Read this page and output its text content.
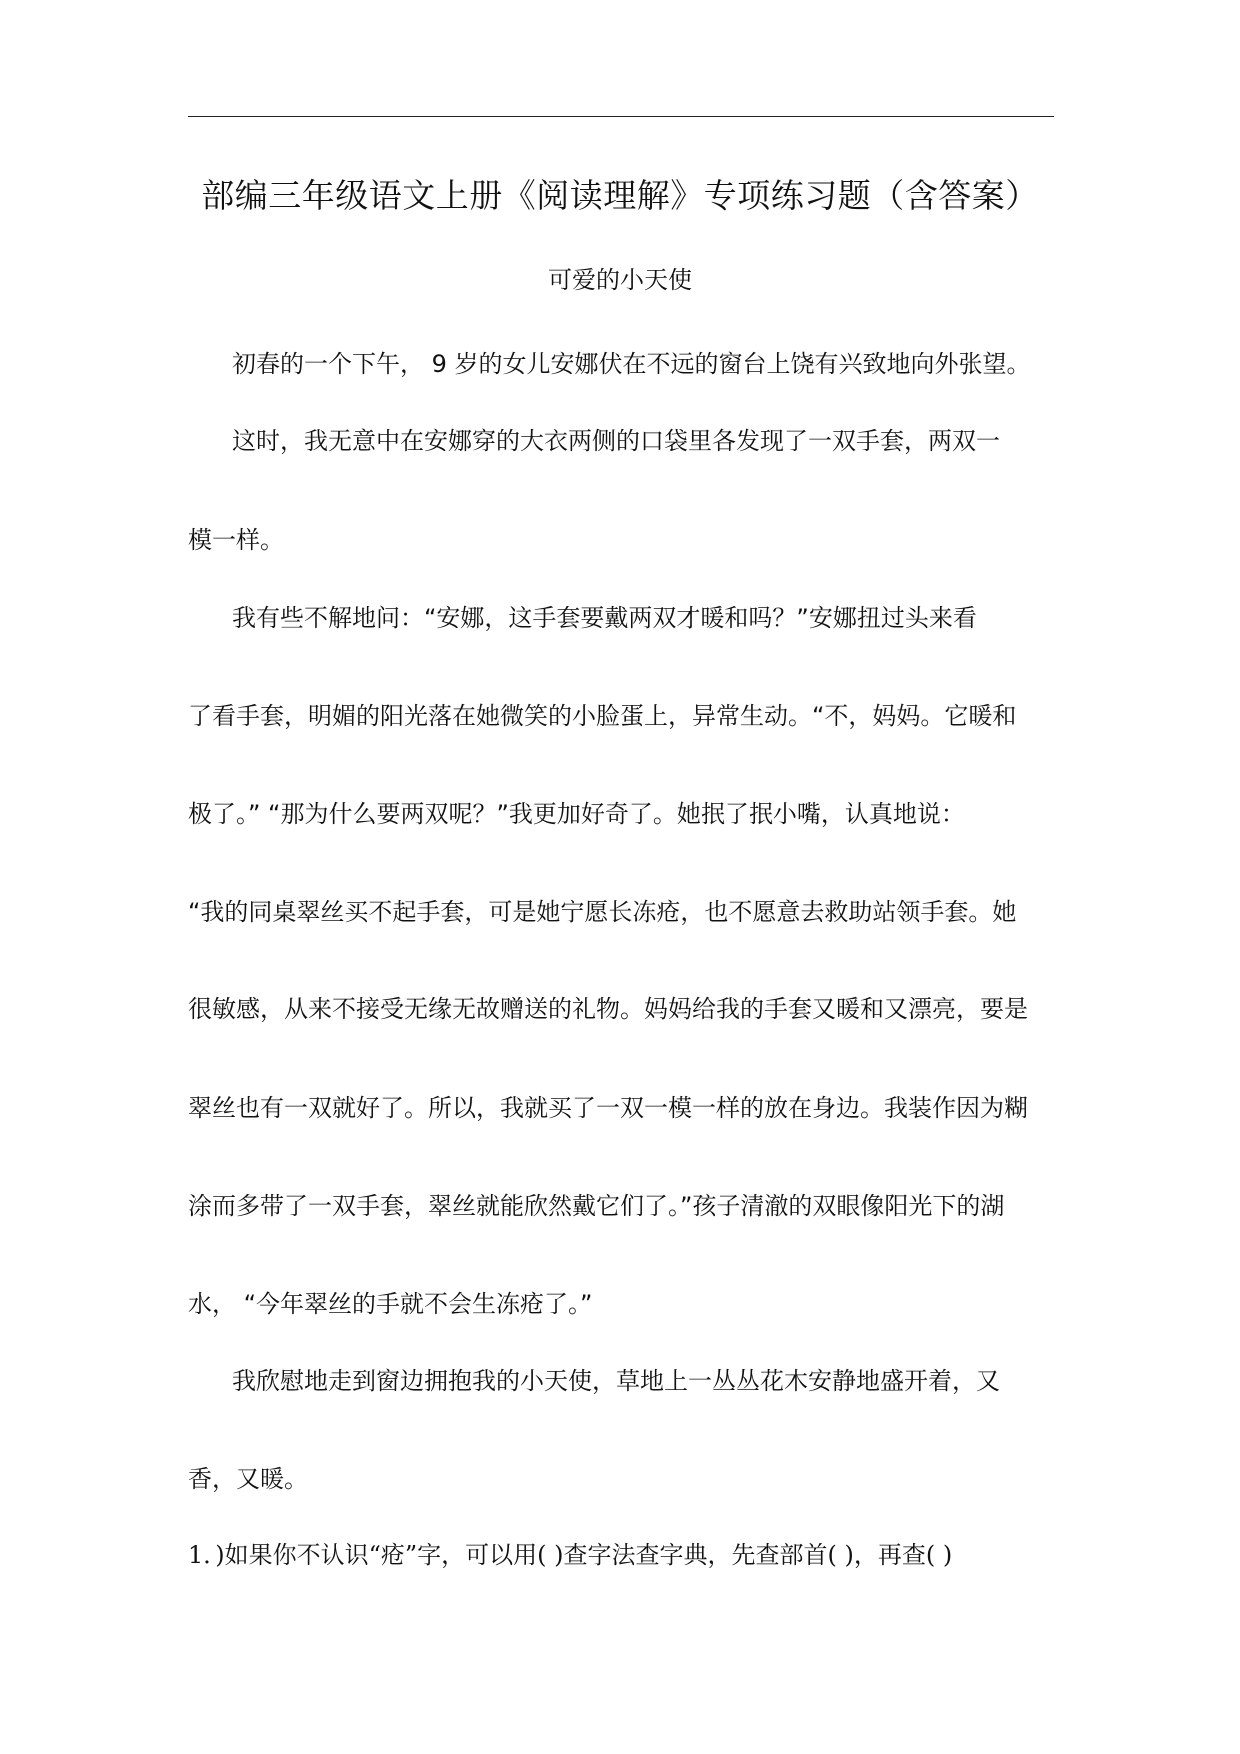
部编三年级语文上册《阅读理解》专项练习题（含答案）
可爱的小天使
初春的一个下午， 9 岁的女儿安娜伏在不远的窗台上饶有兴致地向外张望。
这时，我无意中在安娜穿的大衣两侧的口袋里各发现了一双手套，两双一
模一样。
我有些不解地问：“安娜，这手套要戴两双才暖和吗？”安娜扭过头来看
了看手套，明媚的阳光落在她微笑的小脸蛋上，异常生动。“不，妈妈。它暖和
极了。” “那为什么要两双呢？”我更加好奇了。她抿了抿小嘴，认真地说：
“我的同桌翠丝买不起手套，可是她宁愿长冻疮，也不愿意去救助站领手套。她
很敏感，从来不接受无缘无故赠送的礼物。妈妈给我的手套又暖和又漂亮，要是
翠丝也有一双就好了。所以，我就买了一双一模一样的放在身边。我装作因为糊
涂而多带了一双手套，翠丝就能欣然戴它们了。”孩子清澈的双眼像阳光下的湖
水， “今年翠丝的手就不会生冻疮了。”
我欣慰地走到窗边拥抱我的小天使，草地上一丛丛花木安静地盛开着，又
香，又暖。
1．)如果你不认识“疮”字，可以用( )查字法查字典，先查部首( )，再查( )
